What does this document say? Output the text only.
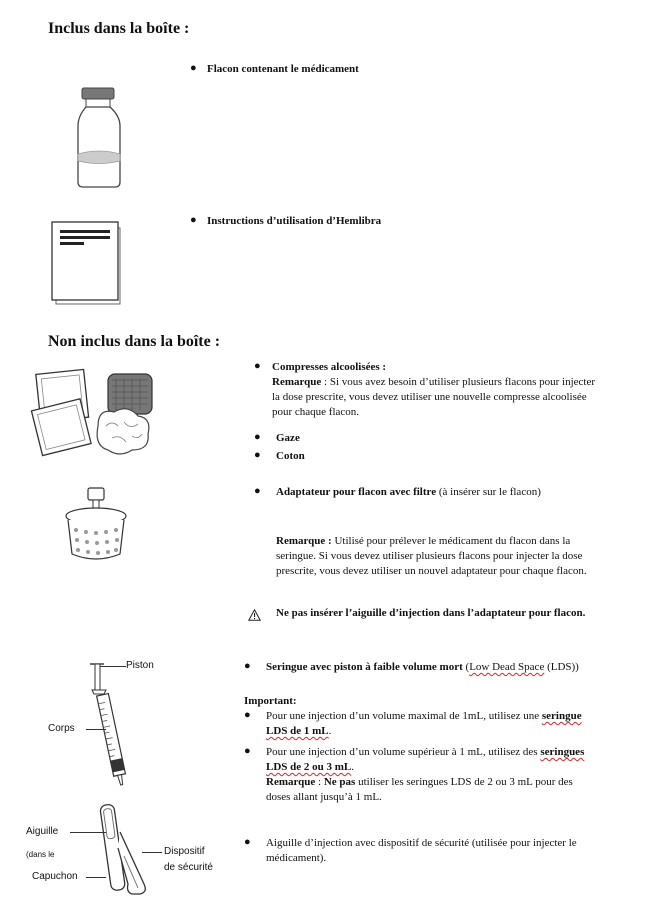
Inclus dans la boîte :
Non inclus dans la boîte :
● Flacon contenant le médicament
● Instructions d’utilisation d’Hemlibra
● Compresses alcoolisées :
Remarque : Si vous avez besoin d’utiliser plusieurs flacons pour injecter la dose prescrite, vous devez utiliser une nouvelle compresse alcoolisée pour chaque flacon.
● Gaze
● Coton
● Adaptateur pour flacon avec filtre (à insérer sur le flacon)
Remarque : Utilisé pour prélever le médicament du flacon dans la seringue. Si vous devez utiliser plusieurs flacons pour injecter la dose prescrite, vous devez utiliser un nouvel adaptateur pour chaque flacon.
Ne pas insérer l’aiguille d’injection dans l’adaptateur pour flacon.
Piston
Corps
● Seringue avec piston à faible volume mort (Low Dead Space (LDS))
Important:
● Pour une injection d’un volume maximal de 1mL, utilisez une seringue LDS de 1 mL.
● Pour une injection d’un volume supérieur à 1 mL, utilisez des seringues LDS de 2 ou 3 mL.
Remarque : Ne pas utiliser les seringues LDS de 2 ou 3 mL pour des doses allant jusqu’à 1 mL.
Aiguille
(dans le
Capuchon
Dispositif
de sécurité
● Aiguille d’injection avec dispositif de sécurité (utilisée pour injecter le médicament).
